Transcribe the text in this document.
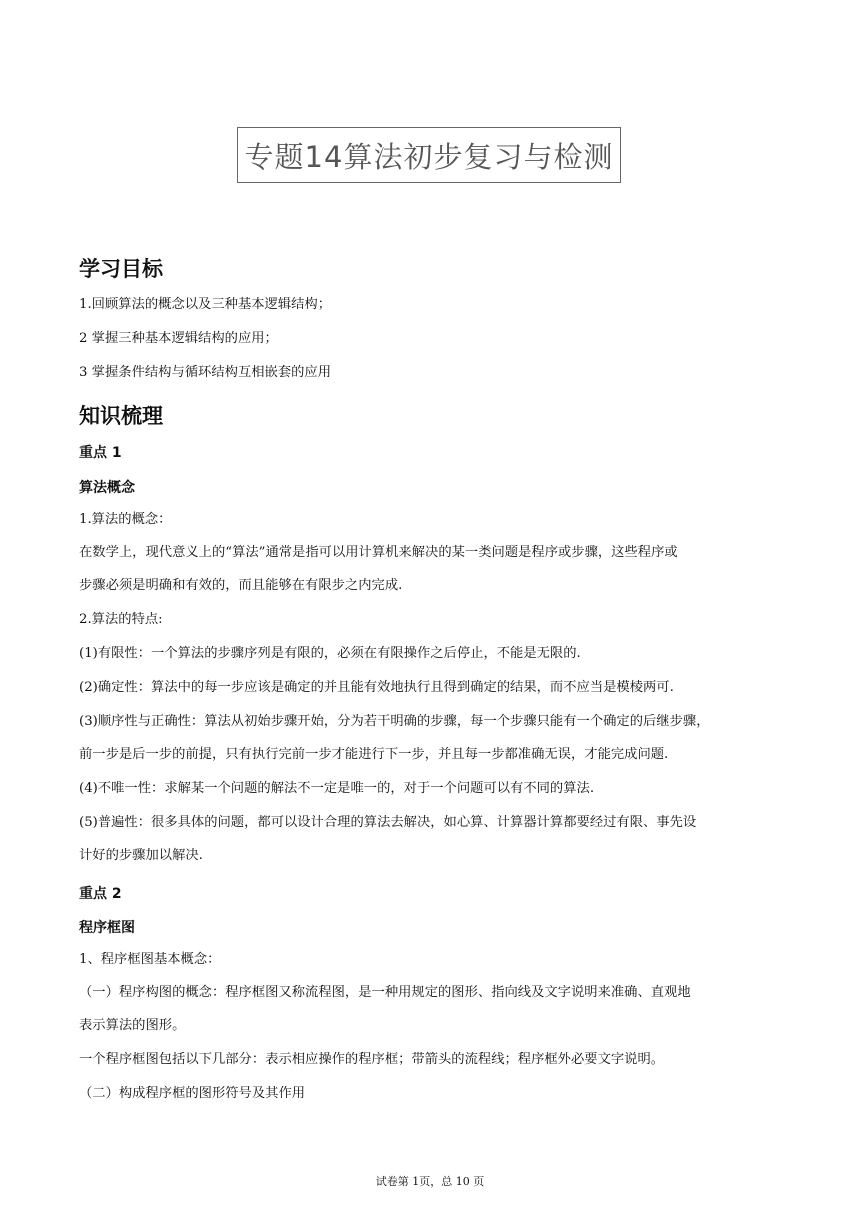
专题14算法初步复习与检测
学习目标
1.回顾算法的概念以及三种基本逻辑结构；
2 掌握三种基本逻辑结构的应用；
3 掌握条件结构与循环结构互相嵌套的应用
知识梳理
重点 1
算法概念
1.算法的概念：
在数学上，现代意义上的“算法”通常是指可以用计算机来解决的某一类问题是程序或步骤，这些程序或
步骤必须是明确和有效的，而且能够在有限步之内完成.
2.算法的特点:
(1)有限性：一个算法的步骤序列是有限的，必须在有限操作之后停止，不能是无限的.
(2)确定性：算法中的每一步应该是确定的并且能有效地执行且得到确定的结果，而不应当是模棱两可.
(3)顺序性与正确性：算法从初始步骤开始，分为若干明确的步骤，每一个步骤只能有一个确定的后继步骤，
前一步是后一步的前提，只有执行完前一步才能进行下一步，并且每一步都准确无误，才能完成问题.
(4)不唯一性：求解某一个问题的解法不一定是唯一的，对于一个问题可以有不同的算法.
(5)普遍性：很多具体的问题，都可以设计合理的算法去解决，如心算、计算器计算都要经过有限、事先设
计好的步骤加以解决.
重点 2
程序框图
1、程序框图基本概念：
（一）程序构图的概念：程序框图又称流程图，是一种用规定的图形、指向线及文字说明来准确、直观地
表示算法的图形。
一个程序框图包括以下几部分：表示相应操作的程序框；带箭头的流程线；程序框外必要文字说明。
（二）构成程序框的图形符号及其作用
试卷第 1页，总 10 页
